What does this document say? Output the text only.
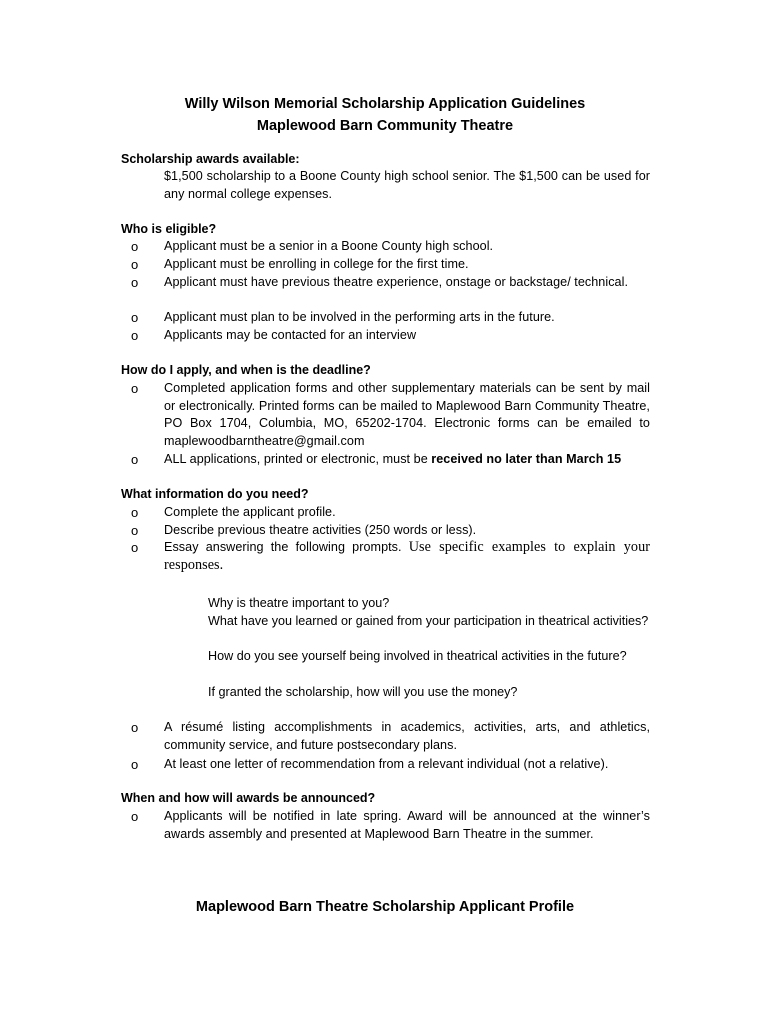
Willy Wilson Memorial Scholarship Application Guidelines
Maplewood Barn Community Theatre
Scholarship awards available:
$1,500 scholarship to a Boone County high school senior. The $1,500 can be used for any normal college expenses.
Who is eligible?
o Applicant must be a senior in a Boone County high school.
o Applicant must be enrolling in college for the first time.
o Applicant must have previous theatre experience, onstage or backstage/ technical.
o Applicant must plan to be involved in the performing arts in the future.
o Applicants may be contacted for an interview
How do I apply, and when is the deadline?
o Completed application forms and other supplementary materials can be sent by mail or electronically. Printed forms can be mailed to Maplewood Barn Community Theatre, PO Box 1704, Columbia, MO, 65202-1704. Electronic forms can be emailed to maplewoodbarntheatre@gmail.com
o ALL applications, printed or electronic, must be received no later than March 15
What information do you need?
o Complete the applicant profile.
o Describe previous theatre activities (250 words or less).
o Essay answering the following prompts. Use specific examples to explain your responses.
Why is theatre important to you?
What have you learned or gained from your participation in theatrical activities?
How do you see yourself being involved in theatrical activities in the future?
If granted the scholarship, how will you use the money?
o A résumé listing accomplishments in academics, activities, arts, and athletics, community service, and future postsecondary plans.
o At least one letter of recommendation from a relevant individual (not a relative).
When and how will awards be announced?
o Applicants will be notified in late spring. Award will be announced at the winner’s awards assembly and presented at Maplewood Barn Theatre in the summer.
Maplewood Barn Theatre Scholarship Applicant Profile
